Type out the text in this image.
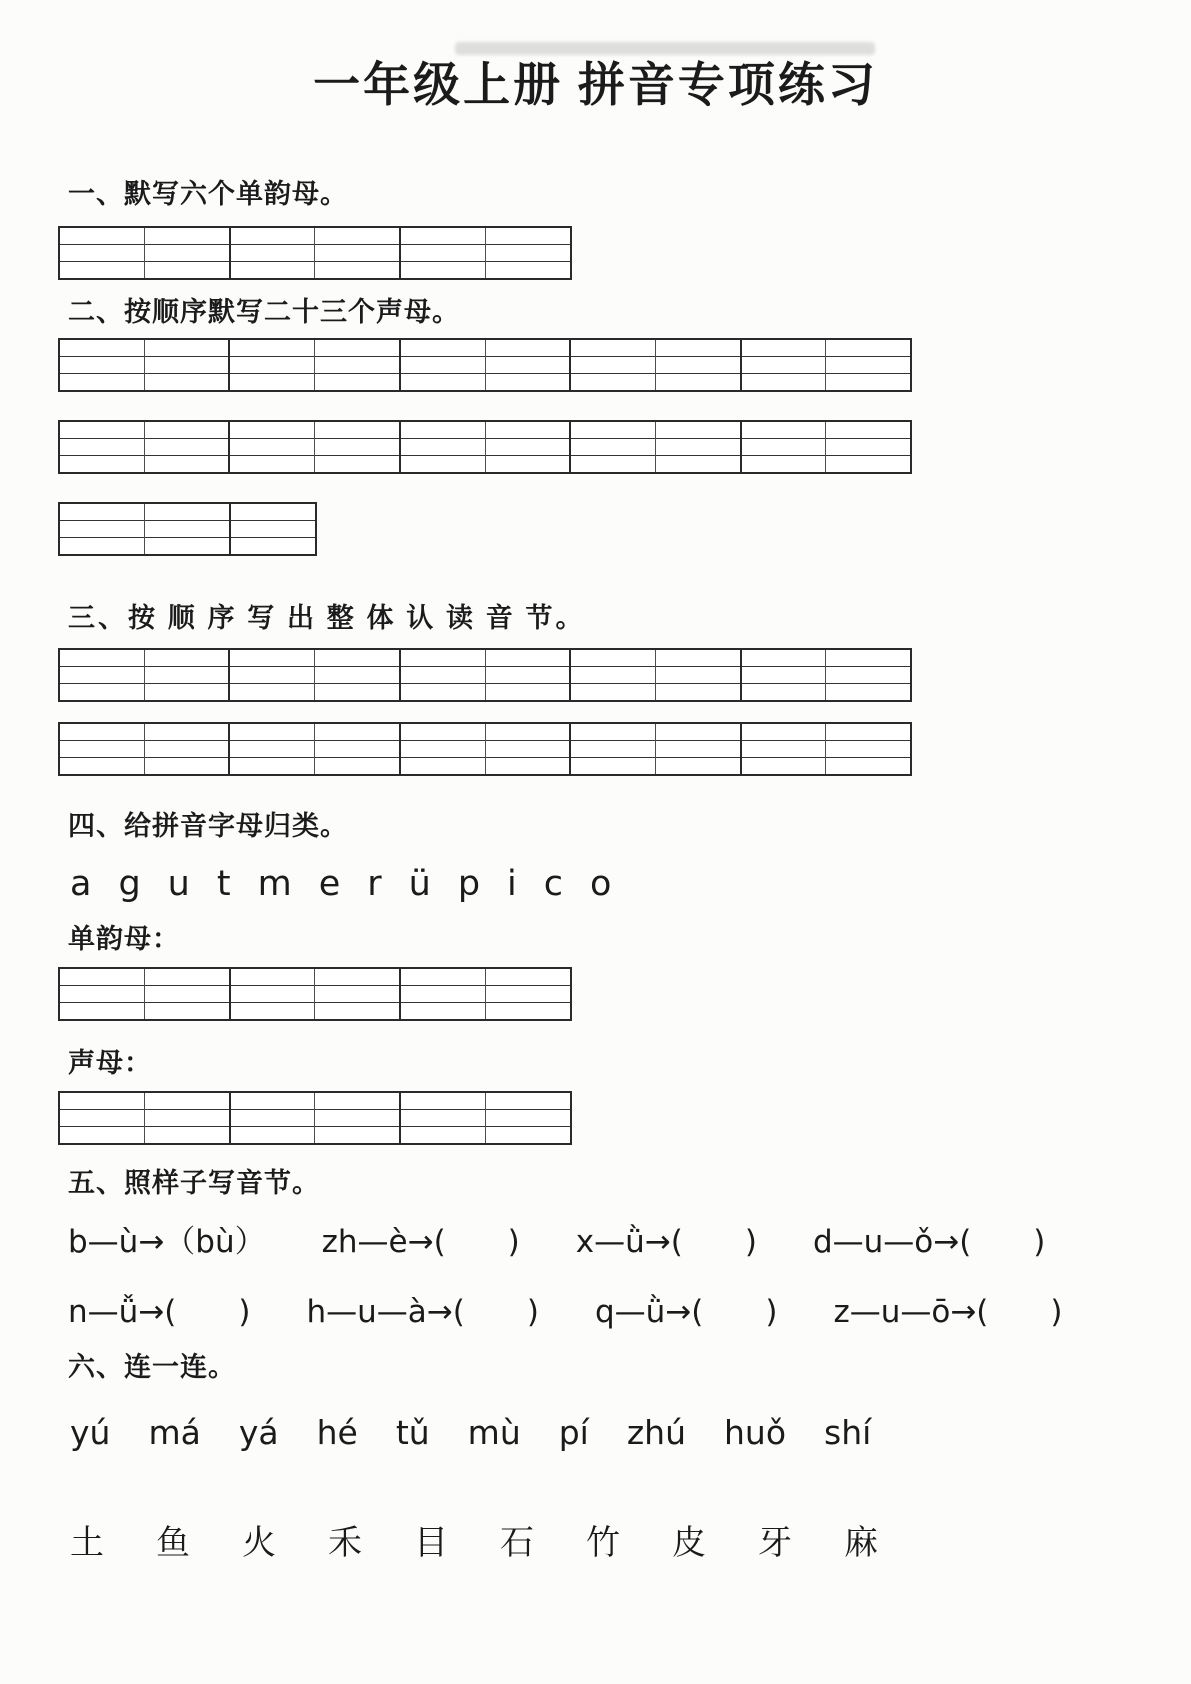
一年级上册 拼音专项练习
一、默写六个单韵母。
二、按顺序默写二十三个声母。
三、按 顺 序 写 出 整 体 认 读 音 节。
四、给拼音字母归类。
a g u t m e r ü p i c o
单韵母：
声母：
五、照样子写音节。
b—ù→（bù） zh—è→(　　) x—ǜ→(　　) d—u—ǒ→(　　)
n—ǚ→(　　) h—u—à→(　　) q—ǜ→(　　) z—u—ō→(　　)
六、连一连。
yú má yá hé tǔ mù pí zhú huǒ shí
土 鱼 火 禾 目 石 竹 皮 牙 麻
